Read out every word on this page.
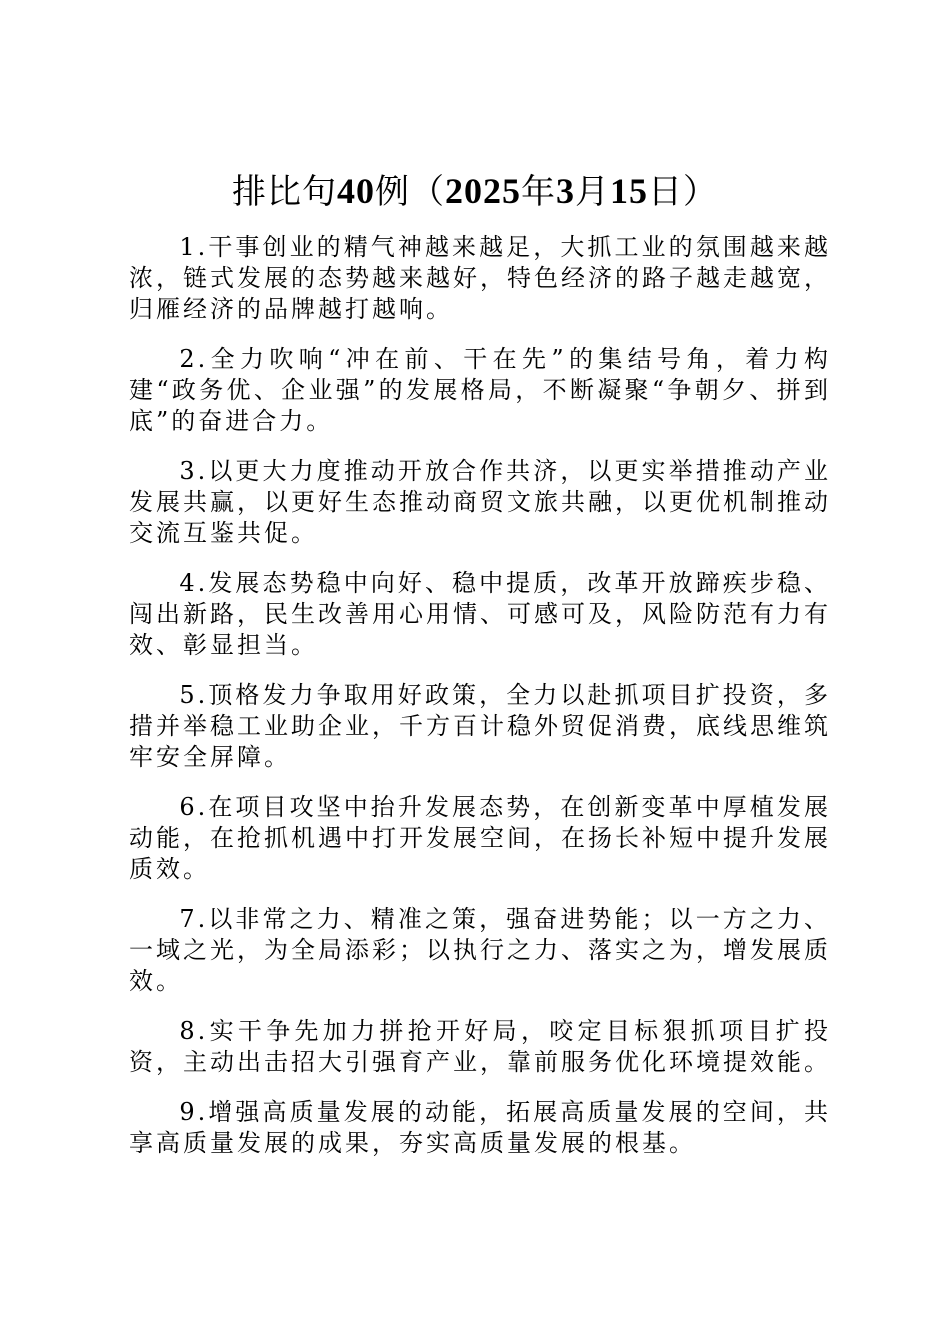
排比句40例（2025年3月15日）

1.干事创业的精气神越来越足，大抓工业的氛围越来越浓，链式发展的态势越来越好，特色经济的路子越走越宽，归雁经济的品牌越打越响。

2.全力吹响“冲在前、干在先”的集结号角，着力构建“政务优、企业强”的发展格局，不断凝聚“争朝夕、拼到底”的奋进合力。

3.以更大力度推动开放合作共济，以更实举措推动产业发展共赢，以更好生态推动商贸文旅共融，以更优机制推动交流互鉴共促。

4.发展态势稳中向好、稳中提质，改革开放蹄疾步稳、闯出新路，民生改善用心用情、可感可及，风险防范有力有效、彰显担当。

5.顶格发力争取用好政策，全力以赴抓项目扩投资，多措并举稳工业助企业，千方百计稳外贸促消费，底线思维筑牢安全屏障。

6.在项目攻坚中抬升发展态势，在创新变革中厚植发展动能，在抢抓机遇中打开发展空间，在扬长补短中提升发展质效。

7.以非常之力、精准之策，强奋进势能；以一方之力、一域之光，为全局添彩；以执行之力、落实之为，增发展质效。

8.实干争先加力拼抢开好局，咬定目标狠抓项目扩投资，主动出击招大引强育产业，靠前服务优化环境提效能。

9.增强高质量发展的动能，拓展高质量发展的空间，共享高质量发展的成果，夯实高质量发展的根基。
